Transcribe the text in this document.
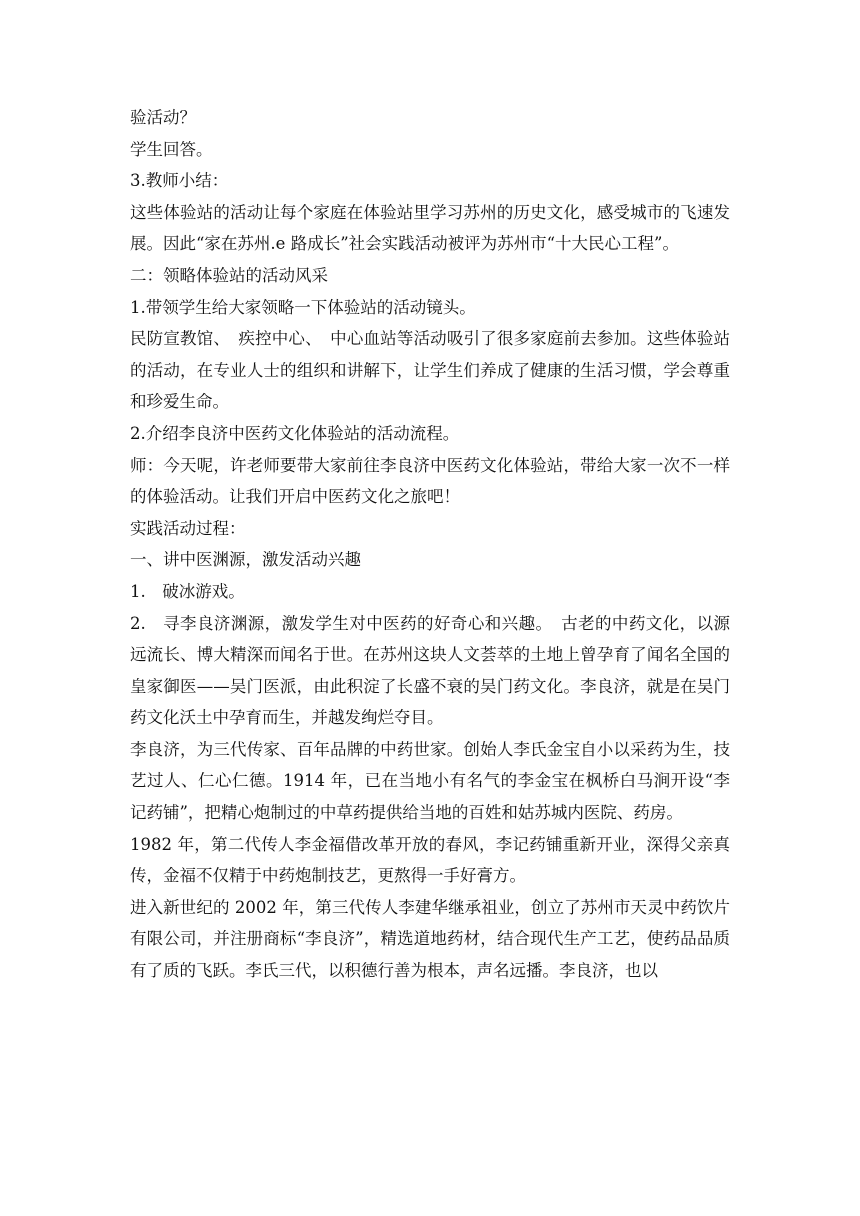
验活动？

学生回答。

3.教师小结：

这些体验站的活动让每个家庭在体验站里学习苏州的历史文化，感受城市的飞速发展。因此“家在苏州.e 路成长”社会实践活动被评为苏州市“十大民心工程”。

二：领略体验站的活动风采

1.带领学生给大家领略一下体验站的活动镜头。

民防宣教馆、　疾控中心、　中心血站等活动吸引了很多家庭前去参加。这些体验站的活动，在专业人士的组织和讲解下，让学生们养成了健康的生活习惯，学会尊重和珍爱生命。

2.介绍李良济中医药文化体验站的活动流程。

师：今天呢，许老师要带大家前往李良济中医药文化体验站，带给大家一次不一样的体验活动。让我们开启中医药文化之旅吧！

实践活动过程：

一、讲中医渊源，激发活动兴趣

1.　破冰游戏。

2.　寻李良济渊源，激发学生对中医药的好奇心和兴趣。　古老的中药文化，以源远流长、博大精深而闻名于世。在苏州这块人文荟萃的土地上曾孕育了闻名全国的皇家御医——吴门医派，由此积淀了长盛不衰的吴门药文化。李良济，就是在吴门药文化沃土中孕育而生，并越发绚烂夺目。

李良济，为三代传家、百年品牌的中药世家。创始人李氏金宝自小以采药为生，技艺过人、仁心仁德。1914 年，已在当地小有名气的李金宝在枫桥白马涧开设“李记药铺”，把精心炮制过的中草药提供给当地的百姓和姑苏城内医院、药房。

1982 年，第二代传人李金福借改革开放的春风，李记药铺重新开业，深得父亲真传，金福不仅精于中药炮制技艺，更熬得一手好膏方。

进入新世纪的 2002 年，第三代传人李建华继承祖业，创立了苏州市天灵中药饮片有限公司，并注册商标“李良济”，精选道地药材，结合现代生产工艺，使药品品质有了质的飞跃。李氏三代，以积德行善为根本，声名远播。李良济，也以
